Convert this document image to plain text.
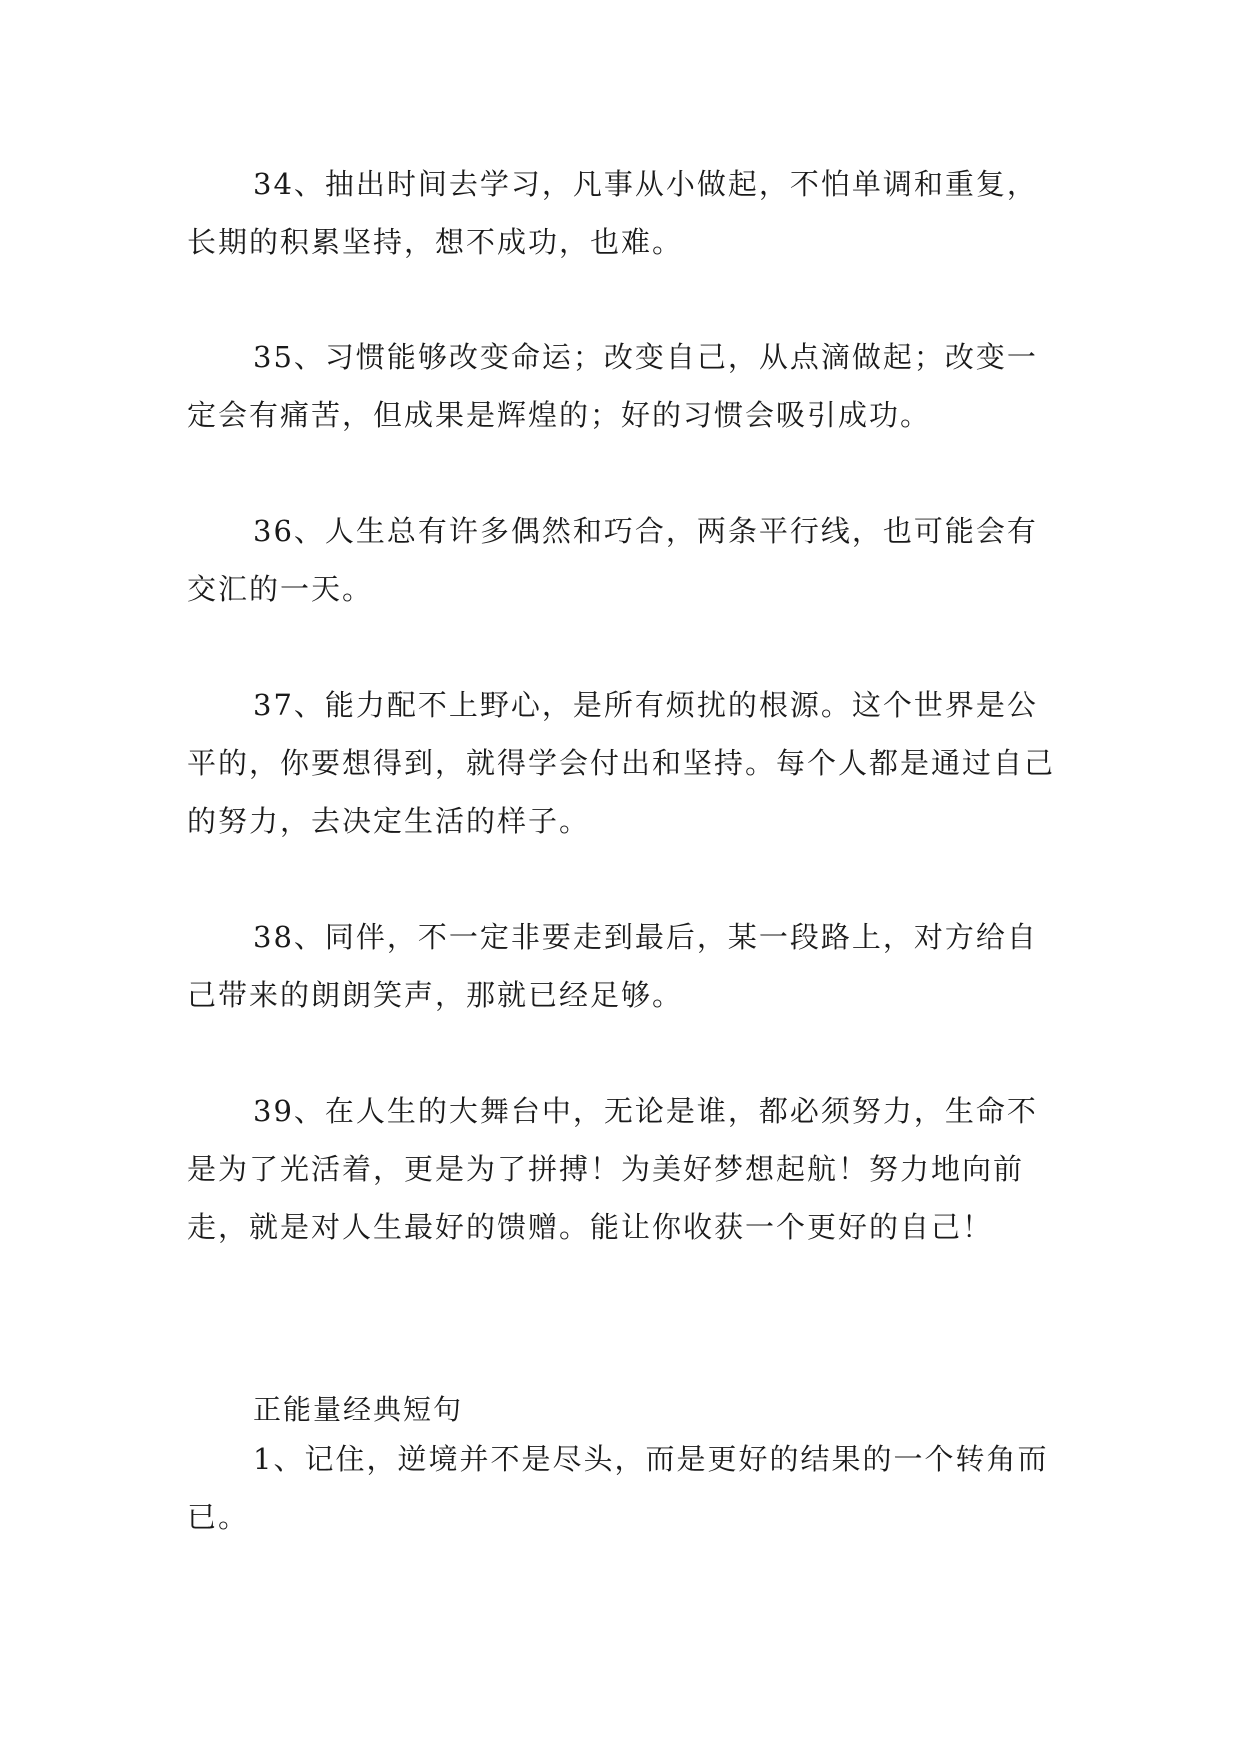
34、抽出时间去学习，凡事从小做起，不怕单调和重复，长期的积累坚持，想不成功，也难。

35、习惯能够改变命运；改变自己，从点滴做起；改变一定会有痛苦，但成果是辉煌的；好的习惯会吸引成功。

36、人生总有许多偶然和巧合，两条平行线，也可能会有交汇的一天。

37、能力配不上野心，是所有烦扰的根源。这个世界是公平的，你要想得到，就得学会付出和坚持。每个人都是通过自己的努力，去决定生活的样子。

38、同伴，不一定非要走到最后，某一段路上，对方给自己带来的朗朗笑声，那就已经足够。

39、在人生的大舞台中，无论是谁，都必须努力，生命不是为了光活着，更是为了拼搏！为美好梦想起航！努力地向前走，就是对人生最好的馈赠。能让你收获一个更好的自己！

正能量经典短句

1、记住，逆境并不是尽头，而是更好的结果的一个转角而已。
